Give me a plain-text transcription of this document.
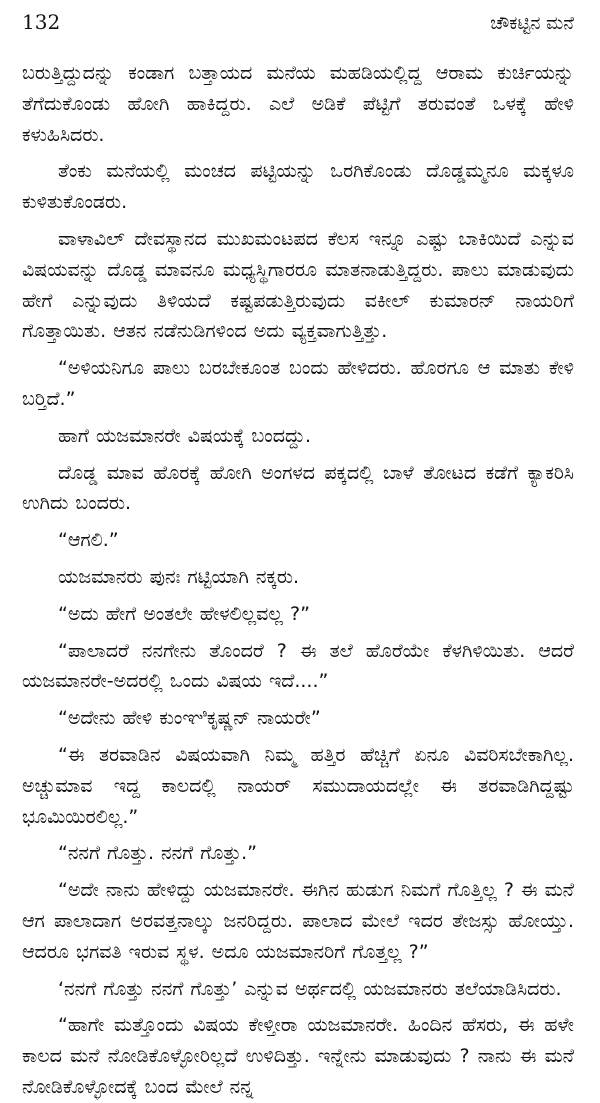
132	ಚೌಕಟ್ಟಿನ ಮನೆ

ಬರುತ್ತಿದ್ದುದನ್ನು ಕಂಡಾಗ ಬತ್ತಾಯದ ಮನೆಯ ಮಹಡಿಯಲ್ಲಿದ್ದ ಆರಾಮ ಕುರ್ಚಿಯನ್ನು ತೆಗೆದುಕೊಂಡು ಹೋಗಿ ಹಾಕಿದ್ದರು. ಎಲೆ ಅಡಿಕೆ ಪೆಟ್ಟಿಗೆ ತರುವಂತೆ ಒಳಕ್ಕೆ ಹೇಳಿ ಕಳುಹಿಸಿದರು.

ತೆಂಕು ಮನೆಯಲ್ಲಿ ಮಂಚದ ಪಟ್ಟಿಯನ್ನು ಒರಗಿಕೊಂಡು ದೊಡ್ಡಮ್ಮನೂ ಮಕ್ಕಳೂ ಕುಳಿತುಕೊಂಡರು.

ವಾಳಾವಿಲ್ ದೇವಸ್ಥಾನದ ಮುಖಮಂಟಪದ ಕೆಲಸ ಇನ್ನೂ ಎಷ್ಟು ಬಾಕಿಯಿದೆ ಎನ್ನುವ ವಿಷಯವನ್ನು ದೊಡ್ಡ ಮಾವನೂ ಮಧ್ಯಸ್ಥಿಗಾರರೂ ಮಾತನಾಡುತ್ತಿದ್ದರು. ಪಾಲು ಮಾಡುವುದು ಹೇಗೆ ಎನ್ನುವುದು ತಿಳಿಯದೆ ಕಷ್ಟಪಡುತ್ತಿರುವುದು ವಕೀಲ್ ಕುಮಾರನ್ ನಾಯರಿಗೆ ಗೊತ್ತಾಯಿತು. ಆತನ ನಡೆನುಡಿಗಳಿಂದ ಅದು ವ್ಯಕ್ತವಾಗುತ್ತಿತ್ತು.

“ಅಳಿಯನಿಗೂ ಪಾಲು ಬರಬೇಕೂಂತ ಬಂದು ಹೇಳಿದರು. ಹೊರಗೂ ಆ ಮಾತು ಕೇಳಿ ಬರ್‍ತಿದೆ.”

ಹಾಗೆ ಯಜಮಾನರೇ ವಿಷಯಕ್ಕೆ ಬಂದದ್ದು.

ದೊಡ್ಡ ಮಾವ ಹೊರಕ್ಕೆ ಹೋಗಿ ಅಂಗಳದ ಪಕ್ಕದಲ್ಲಿ ಬಾಳೆ ತೋಟದ ಕಡೆಗೆ ಕ್ಯಾಕರಿಸಿ ಉಗಿದು ಬಂದರು.

“ಆಗಲಿ.”

ಯಜಮಾನರು ಪುನಃ ಗಟ್ಟಿಯಾಗಿ ನಕ್ಕರು.

“ಅದು ಹೇಗೆ ಅಂತಲೇ ಹೇಳಲಿಲ್ಲವಲ್ಲ ?”

“ಪಾಲಾದರೆ ನನಗೇನು ತೊಂದರೆ ? ಈ ತಲೆ ಹೊರೆಯೇ ಕೆಳಗಿಳಿಯಿತು. ಆದರೆ ಯಜಮಾನರೇ-ಅದರಲ್ಲಿ ಒಂದು ವಿಷಯ ಇದೆ....”

“ಅದೇನು ಹೇಳಿ ಕುಂಞಿಕೃಷ್ಣನ್ ನಾಯರೇ”

“ಈ ತರವಾಡಿನ ವಿಷಯವಾಗಿ ನಿಮ್ಮ ಹತ್ತಿರ ಹೆಚ್ಚಿಗೆ ಏನೂ ವಿವರಿಸಬೇಕಾಗಿಲ್ಲ. ಅಚ್ಚುಮಾವ ಇದ್ದ ಕಾಲದಲ್ಲಿ ನಾಯರ್ ಸಮುದಾಯದಲ್ಲೇ ಈ ತರವಾಡಿಗಿದ್ದಷ್ಟು ಭೂಮಿಯಿರಲಿಲ್ಲ.”

“ನನಗೆ ಗೊತ್ತು. ನನಗೆ ಗೊತ್ತು.”

“ಅದೇ ನಾನು ಹೇಳಿದ್ದು ಯಜಮಾನರೇ. ಈಗಿನ ಹುಡುಗ ನಿಮಗೆ ಗೊತ್ತಿಲ್ಲ ? ಈ ಮನೆ ಆಗ ಪಾಲಾದಾಗ ಅರವತ್ತನಾಲ್ಕು ಜನರಿದ್ದರು. ಪಾಲಾದ ಮೇಲೆ ಇದರ ತೇಜಸ್ಸು ಹೋಯ್ತು. ಆದರೂ ಭಗವತಿ ಇರುವ ಸ್ಥಳ. ಅದೂ ಯಜಮಾನರಿಗೆ ಗೊತ್ತಲ್ಲ ?”

‘ನನಗೆ ಗೊತ್ತು ನನಗೆ ಗೊತ್ತು’ ಎನ್ನುವ ಅರ್ಥದಲ್ಲಿ ಯಜಮಾನರು ತಲೆಯಾಡಿಸಿದರು.

“ಹಾಗೇ ಮತ್ತೊಂದು ವಿಷಯ ಕೇಳ್ತೀರಾ ಯಜಮಾನರೇ. ಹಿಂದಿನ ಹೆಸರು, ಈ ಹಳೇ ಕಾಲದ ಮನೆ ನೋಡಿಕೊಳ್ಳೋರಿಲ್ಲದೆ ಉಳಿದಿತ್ತು. ಇನ್ನೇನು ಮಾಡುವುದು ? ನಾನು ಈ ಮನೆ ನೋಡಿಕೊಳ್ಳೋದಕ್ಕೆ ಬಂದ ಮೇಲೆ ನನ್ನ
